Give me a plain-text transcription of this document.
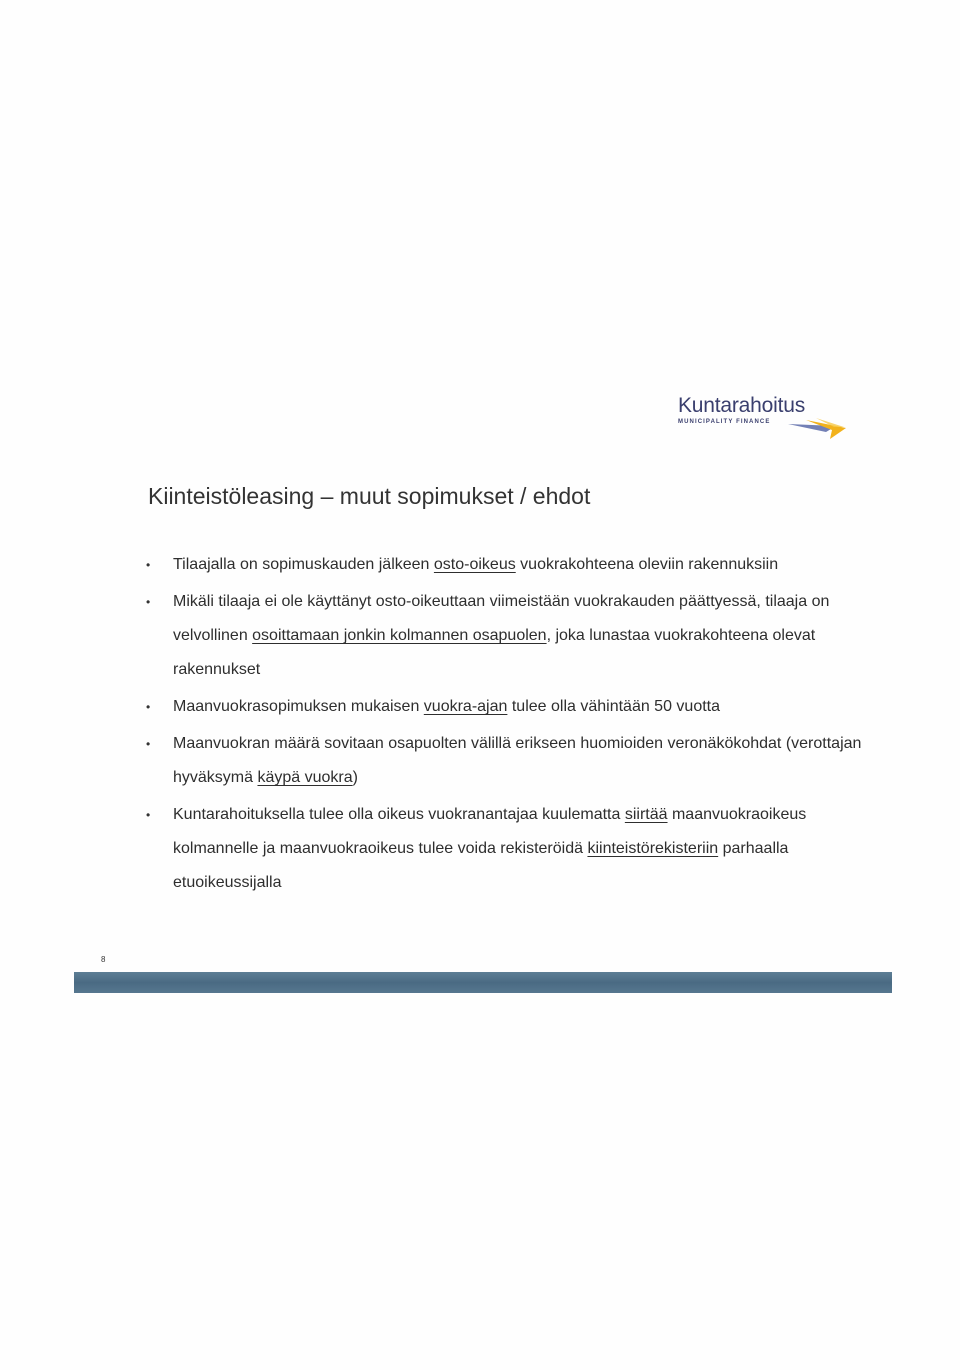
Kuntarahoitus
MUNICIPALITY FINANCE
Kiinteistöleasing – muut sopimukset / ehdot
• Tilaajalla on sopimuskauden jälkeen osto-oikeus vuokrakohteena oleviin rakennuksiin
• Mikäli tilaaja ei ole käyttänyt osto-oikeuttaan viimeistään vuokrakauden päättyessä, tilaaja on velvollinen osoittamaan jonkin kolmannen osapuolen, joka lunastaa vuokrakohteena olevat rakennukset
• Maanvuokrasopimuksen mukaisen vuokra-ajan tulee olla vähintään 50 vuotta
• Maanvuokran määrä sovitaan osapuolten välillä erikseen huomioiden veronäkökohdat (verottajan hyväksymä käypä vuokra)
• Kuntarahoituksella tulee olla oikeus vuokranantajaa kuulematta siirtää maanvuokraoikeus kolmannelle ja maanvuokraoikeus tulee voida rekisteröidä kiinteistörekisteriin parhaalla etuoikeussijalla
8
